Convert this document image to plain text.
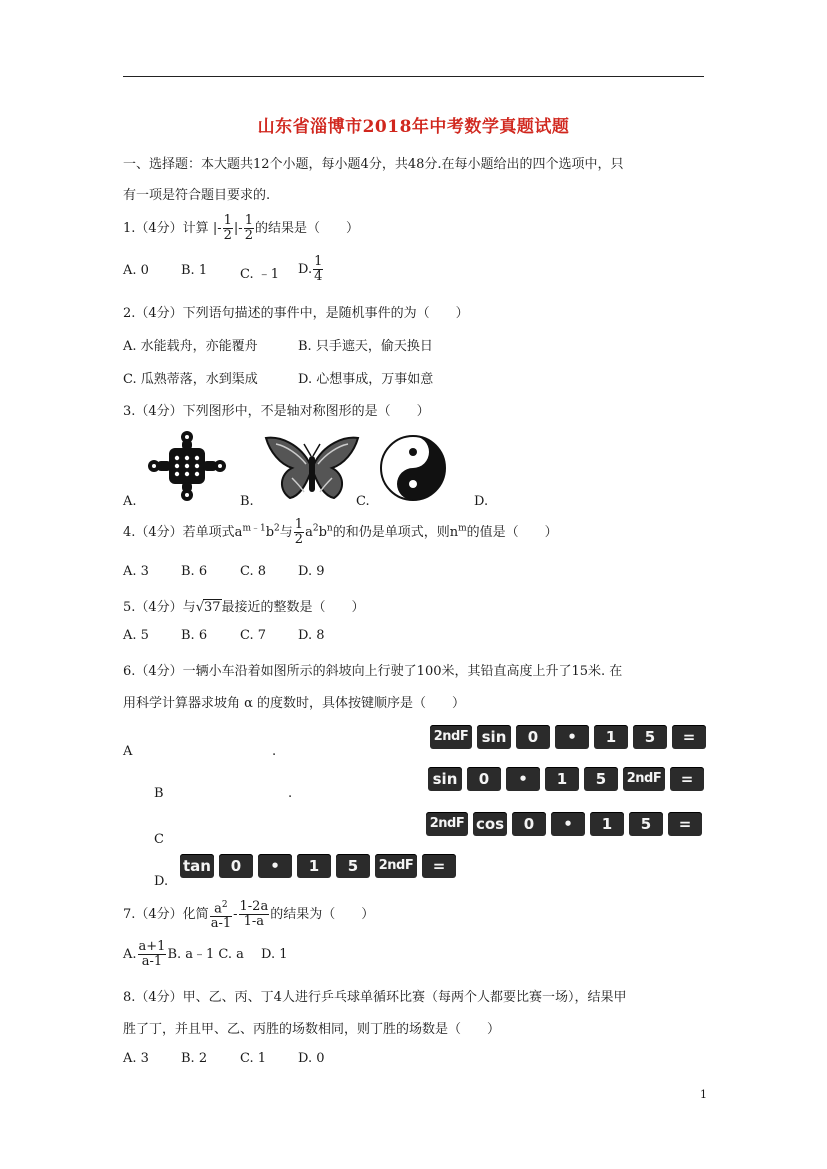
山东省淄博市2018年中考数学真题试题
一、选择题：本大题共12个小题，每小题4分，共48分.在每小题给出的四个选项中，只
有一项是符合题目要求的.
1.（4分）计算 |- $\frac{1}{2}$ |- $\frac{1}{2}$ 的结果是（　　）
A. 0 B. 1	C. ﹣1 D. $\frac{1}{4}$
2.（4分）下列语句描述的事件中，是随机事件的为（　　）
A. 水能载舟，亦能覆舟	B. 只手遮天，偷天换日
C. 瓜熟蒂落，水到渠成	D. 心想事成，万事如意
3.（4分）下列图形中，不是轴对称图形的是（　　）
A.	B.	C.	D.
4.（4分）若单项式$a^{m﹣1}b^2$与 $\frac{1}{2} a^2b^n$的和仍是单项式，则$n^m$的值是（　　）
A. 3 B. 6	C. 8 D. 9
5.（4分）与√37最接近的整数是（　　）
A. 5 B. 6	C. 7 D. 8
6.（4分）一辆小车沿着如图所示的斜坡向上行驶了100米，其铅直高度上升了15米. 在
用科学计算器求坡角 α 的度数时，具体按键顺序是（　　）
A	.
2ndF sin	0	•	1	5	=
B	.
sin	0	•	1	5	2ndF	=
C
2ndF cos	0	•	1	5	=
tan	0	•	1	5	2ndF	=
D.
7.（4分）化简 $\frac{a^2}{a-1} - \frac{1-2a}{1-a}$ 的结果为（　　）
A. $\frac{a+1}{a-1} B$. a﹣1 C. a　 D. 1
8.（4分）甲、乙、丙、丁4人进行乒乓球单循环比赛（每两个人都要比赛一场），结果甲
胜了丁，并且甲、乙、丙胜的场数相同，则丁胜的场数是（　　）
A. 3 B. 2	C. 1 D. 0
1
